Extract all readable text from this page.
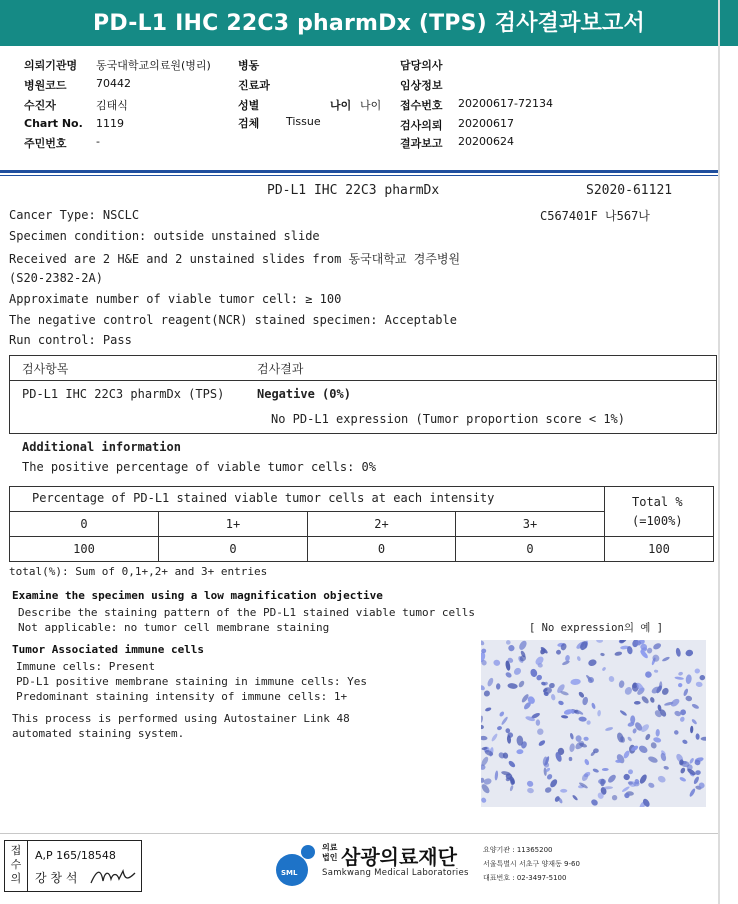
PD-L1 IHC 22C3 pharmDx (TPS) 검사결과보고서
의뢰기관명 동국대학교의료원(병리)
병원코드	70442
수진자	김태식
Chart No. 1119
주민번호	-
병동
진료과
성별	나이 나이
검체 Tissue
담당의사
임상정보
접수번호 20200617-72134
검사의뢰 20200617
결과보고 20200624
PD-L1 IHC 22C3 pharmDx	S2020-61121
C567401F 나567나
Cancer Type: NSCLC
Specimen condition: outside unstained slide
Received are 2 H&E and 2 unstained slides from 동국대학교 경주병원
(S20-2382-2A)
Approximate number of viable tumor cell: ≥ 100
The negative control reagent(NCR) stained specimen: Acceptable
Run control: Pass
검사항목	검사결과
PD-L1 IHC 22C3 pharmDx (TPS)	Negative (0%)
No PD-L1 expression (Tumor proportion score < 1%)
Additional information
The positive percentage of viable tumor cells: 0%
Percentage of PD-L1 stained viable tumor cells at each intensity	Total %
(=100%)
0	1+	2+	3+
100	0	0	0	100
total(%): Sum of 0,1+,2+ and 3+ entries
Examine the specimen using a low magnification objective
Describe the staining pattern of the PD-L1 stained viable tumor cells
Not applicable: no tumor cell membrane staining	[ No expression의 예 ]
Tumor Associated immune cells
Immune cells: Present
PD-L1 positive membrane staining in immune cells: Yes
Predominant staining intensity of immune cells: 1+
This process is performed using Autostainer Link 48
automated staining system.
접수의
A,P 165/18548
강 창 석	SML
의료
법인 삼광의료재단
Samkwang Medical Laboratories
요양기관 : 11365200
서울특별시 서초구 양재동 9-60
대표번호 : 02-3497-5100
